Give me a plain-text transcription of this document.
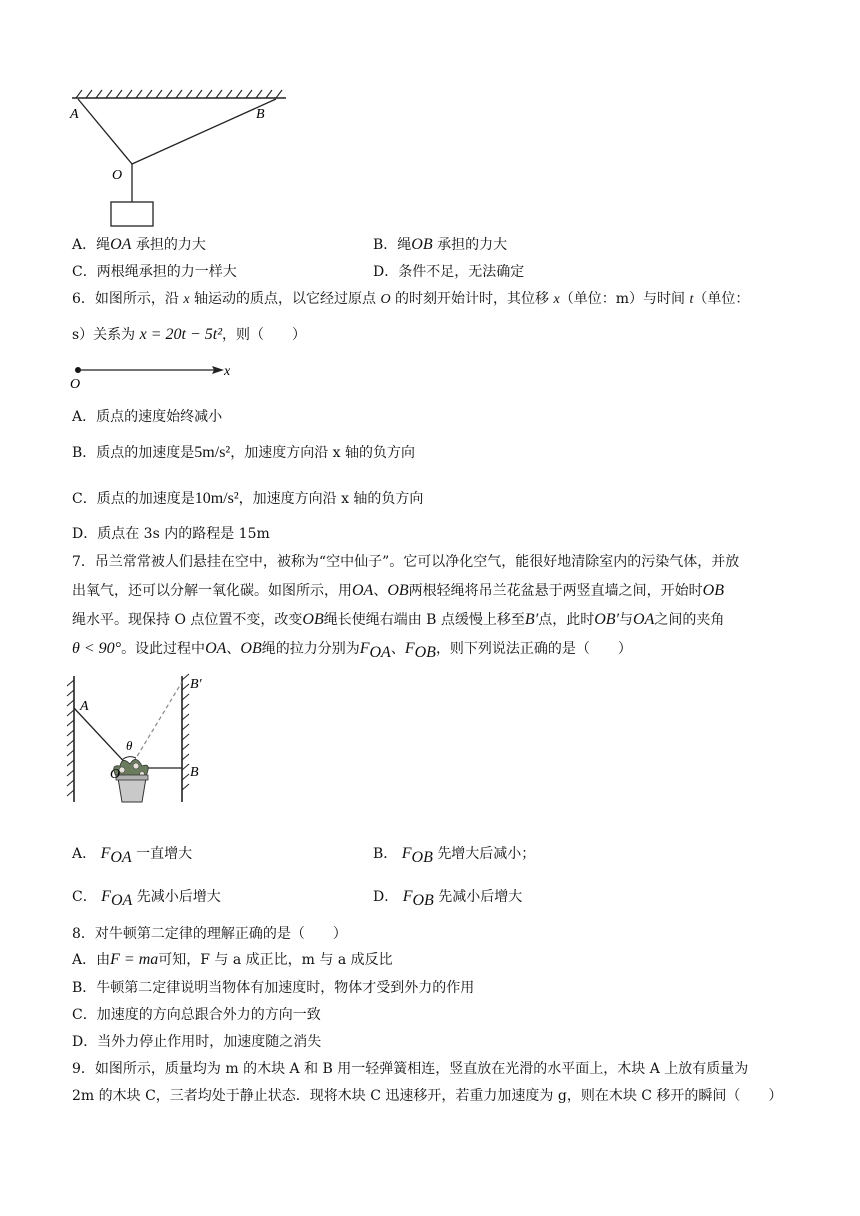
A	B
O
A．绳OA 承担的力大	B．绳OB 承担的力大
C．两根绳承担的力一样大	D．条件不足，无法确定
6．如图所示，沿 x 轴运动的质点，以它经过原点 O 的时刻开始计时，其位移 x（单位：m）与时间 t（单位：
s）关系为 x = 20t − 5t²，则（　　）
O
x
A．质点的速度始终减小
B．质点的加速度是5m/s²，加速度方向沿 x 轴的负方向
C．质点的加速度是10m/s²，加速度方向沿 x 轴的负方向
D．质点在 3s 内的路程是 15m
7．吊兰常常被人们悬挂在空中，被称为“空中仙子”。它可以净化空气，能很好地清除室内的污染气体，并放
出氧气，还可以分解一氧化碳。如图所示，用OA、OB两根轻绳将吊兰花盆悬于两竖直墙之间，开始时OB
绳水平。现保持 O 点位置不变，改变OB绳长使绳右端由 B 点缓慢上移至B′点，此时OB′与OA之间的夹角
θ < 90°。设此过程中OA、OB绳的拉力分别为$F_{OA}$、$F_{OB}$，则下列说法正确的是（　　）
A
B′
θ
O	B
A． $F_{OA}$ 一直增大	B． $F_{OB}$ 先增大后减小；
C． $F_{OA}$ 先减小后增大	D． $F_{OB}$ 先减小后增大
8．对牛顿第二定律的理解正确的是（　　）
A．由F = ma可知，F 与 a 成正比，m 与 a 成反比
B．牛顿第二定律说明当物体有加速度时，物体才受到外力的作用
C．加速度的方向总跟合外力的方向一致
D．当外力停止作用时，加速度随之消失
9．如图所示，质量均为 m 的木块 A 和 B 用一轻弹簧相连，竖直放在光滑的水平面上，木块 A 上放有质量为
2m 的木块 C，三者均处于静止状态．现将木块 C 迅速移开，若重力加速度为 g，则在木块 C 移开的瞬间（　　）
